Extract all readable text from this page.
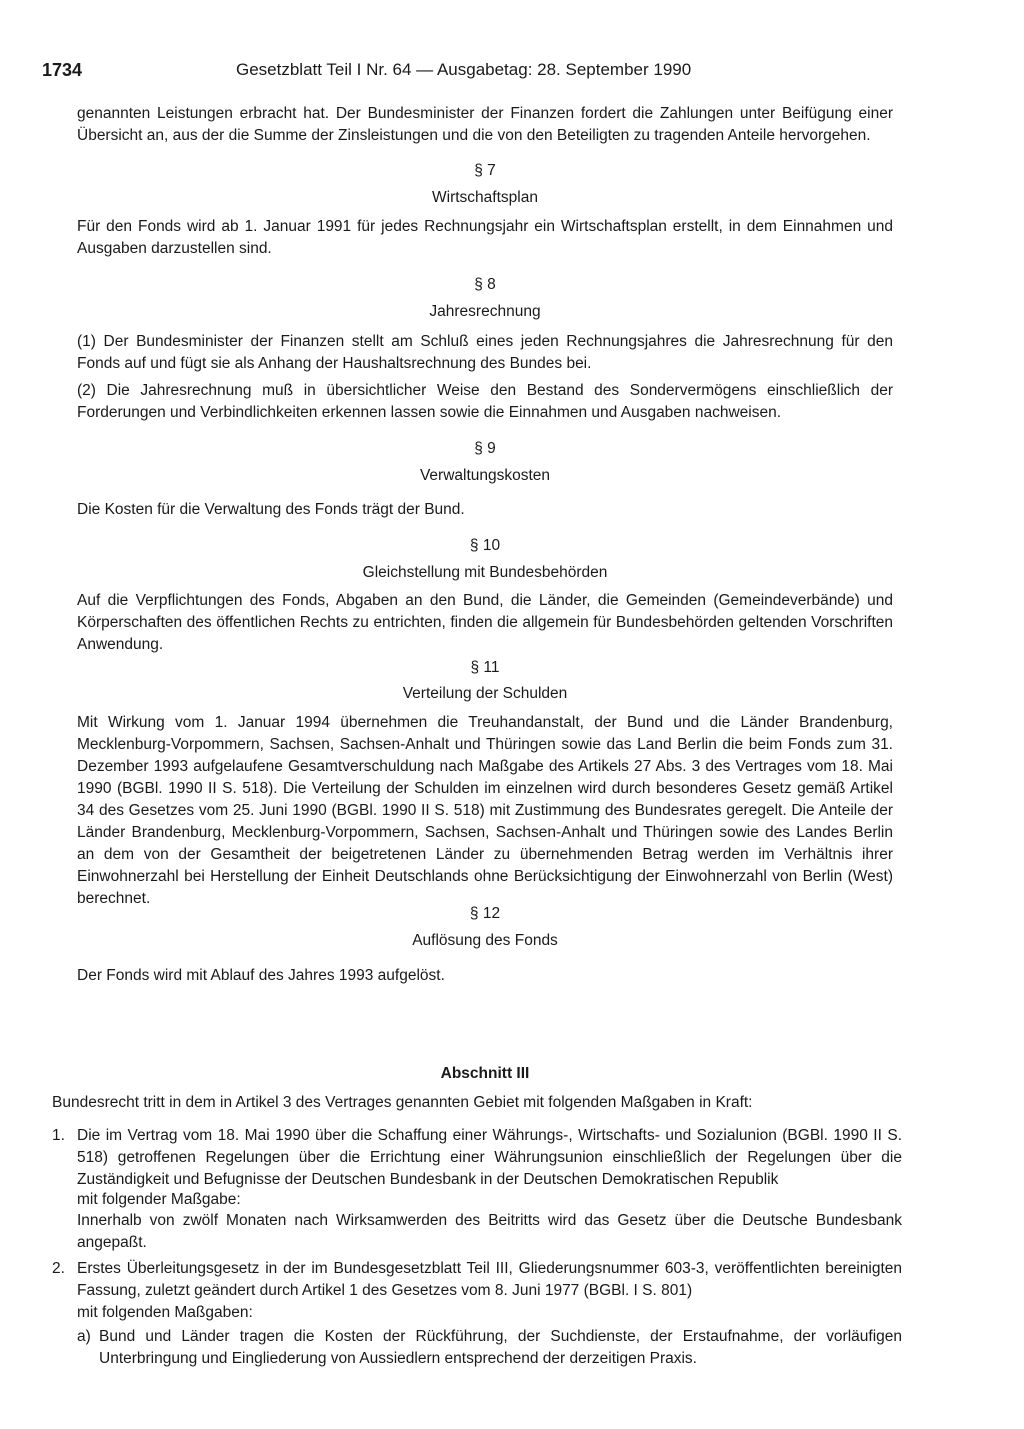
1734	Gesetzblatt Teil I Nr. 64 — Ausgabetag: 28. September 1990

genannten Leistungen erbracht hat. Der Bundesminister der Finanzen fordert die Zahlungen unter Beifügung einer Übersicht an, aus der die Summe der Zinsleistungen und die von den Beteiligten zu tragenden Anteile hervorgehen.

§ 7

Wirtschaftsplan

Für den Fonds wird ab 1. Januar 1991 für jedes Rechnungsjahr ein Wirtschaftsplan erstellt, in dem Einnahmen und Ausgaben darzustellen sind.

§ 8

Jahresrechnung

(1) Der Bundesminister der Finanzen stellt am Schluß eines jeden Rechnungsjahres die Jahresrechnung für den Fonds auf und fügt sie als Anhang der Haushaltsrechnung des Bundes bei.

(2) Die Jahresrechnung muß in übersichtlicher Weise den Bestand des Sondervermögens einschließlich der Forderungen und Verbindlichkeiten erkennen lassen sowie die Einnahmen und Ausgaben nachweisen.

§ 9

Verwaltungskosten

Die Kosten für die Verwaltung des Fonds trägt der Bund.

§ 10

Gleichstellung mit Bundesbehörden

Auf die Verpflichtungen des Fonds, Abgaben an den Bund, die Länder, die Gemeinden (Gemeindeverbände) und Körperschaften des öffentlichen Rechts zu entrichten, finden die allgemein für Bundesbehörden geltenden Vorschriften Anwendung.

§ 11

Verteilung der Schulden

Mit Wirkung vom 1. Januar 1994 übernehmen die Treuhandanstalt, der Bund und die Länder Brandenburg, Mecklenburg-Vorpommern, Sachsen, Sachsen-Anhalt und Thüringen sowie das Land Berlin die beim Fonds zum 31. Dezember 1993 aufgelaufene Gesamtverschuldung nach Maßgabe des Artikels 27 Abs. 3 des Vertrages vom 18. Mai 1990 (BGBl. 1990 II S. 518). Die Verteilung der Schulden im einzelnen wird durch besonderes Gesetz gemäß Artikel 34 des Gesetzes vom 25. Juni 1990 (BGBl. 1990 II S. 518) mit Zustimmung des Bundesrates geregelt. Die Anteile der Länder Brandenburg, Mecklenburg-Vorpommern, Sachsen, Sachsen-Anhalt und Thüringen sowie des Landes Berlin an dem von der Gesamtheit der beigetretenen Länder zu übernehmenden Betrag werden im Verhältnis ihrer Einwohnerzahl bei Herstellung der Einheit Deutschlands ohne Berücksichtigung der Einwohnerzahl von Berlin (West) berechnet.

§ 12

Auflösung des Fonds

Der Fonds wird mit Ablauf des Jahres 1993 aufgelöst.

Abschnitt III

Bundesrecht tritt in dem in Artikel 3 des Vertrages genannten Gebiet mit folgenden Maßgaben in Kraft:

1. Die im Vertrag vom 18. Mai 1990 über die Schaffung einer Währungs-, Wirtschafts- und Sozialunion (BGBl. 1990 II S. 518) getroffenen Regelungen über die Errichtung einer Währungsunion einschließlich der Regelungen über die Zuständigkeit und Befugnisse der Deutschen Bundesbank in der Deutschen Demokratischen Republik

mit folgender Maßgabe:

Innerhalb von zwölf Monaten nach Wirksamwerden des Beitritts wird das Gesetz über die Deutsche Bundesbank angepaßt.

2. Erstes Überleitungsgesetz in der im Bundesgesetzblatt Teil III, Gliederungsnummer 603-3, veröffentlichten bereinigten Fassung, zuletzt geändert durch Artikel 1 des Gesetzes vom 8. Juni 1977 (BGBl. I S. 801)

mit folgenden Maßgaben:

a) Bund und Länder tragen die Kosten der Rückführung, der Suchdienste, der Erstaufnahme, der vorläufigen Unterbringung und Eingliederung von Aussiedlern entsprechend der derzeitigen Praxis.
